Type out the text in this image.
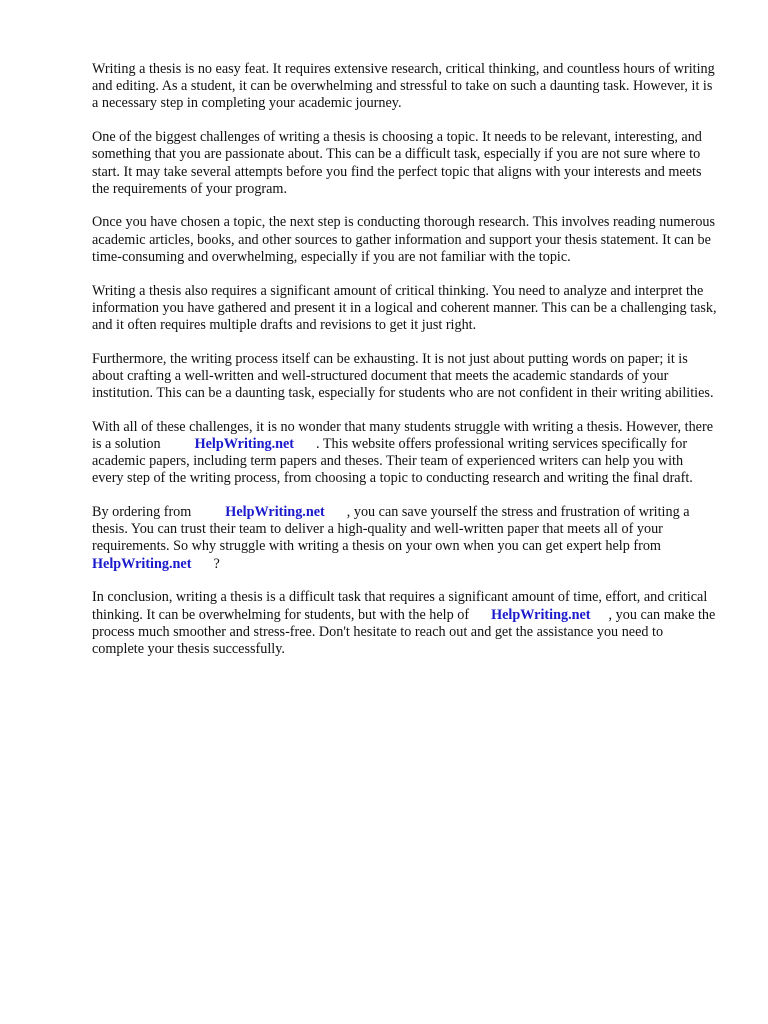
Writing a thesis is no easy feat. It requires extensive research, critical thinking, and countless hours of writing and editing. As a student, it can be overwhelming and stressful to take on such a daunting task. However, it is a necessary step in completing your academic journey.

One of the biggest challenges of writing a thesis is choosing a topic. It needs to be relevant, interesting, and something that you are passionate about. This can be a difficult task, especially if you are not sure where to start. It may take several attempts before you find the perfect topic that aligns with your interests and meets the requirements of your program.

Once you have chosen a topic, the next step is conducting thorough research. This involves reading numerous academic articles, books, and other sources to gather information and support your thesis statement. It can be time-consuming and overwhelming, especially if you are not familiar with the topic.

Writing a thesis also requires a significant amount of critical thinking. You need to analyze and interpret the information you have gathered and present it in a logical and coherent manner. This can be a challenging task, and it often requires multiple drafts and revisions to get it just right.

Furthermore, the writing process itself can be exhausting. It is not just about putting words on paper; it is about crafting a well-written and well-structured document that meets the academic standards of your institution. This can be a daunting task, especially for students who are not confident in their writing abilities.

With all of these challenges, it is no wonder that many students struggle with writing a thesis. However, there is a solution HelpWriting.net . This website offers professional writing services specifically for academic papers, including term papers and theses. Their team of experienced writers can help you with every step of the writing process, from choosing a topic to conducting research and writing the final draft.

By ordering from HelpWriting.net , you can save yourself the stress and frustration of writing a thesis. You can trust their team to deliver a high-quality and well-written paper that meets all of your requirements. So why struggle with writing a thesis on your own when you can get expert help fromHelpWriting.net ?

In conclusion, writing a thesis is a difficult task that requires a significant amount of time, effort, and critical thinking. It can be overwhelming for students, but with the help of HelpWriting.net , you can make the process much smoother and stress-free. Don't hesitate to reach out and get the assistance you need to complete your thesis successfully.
